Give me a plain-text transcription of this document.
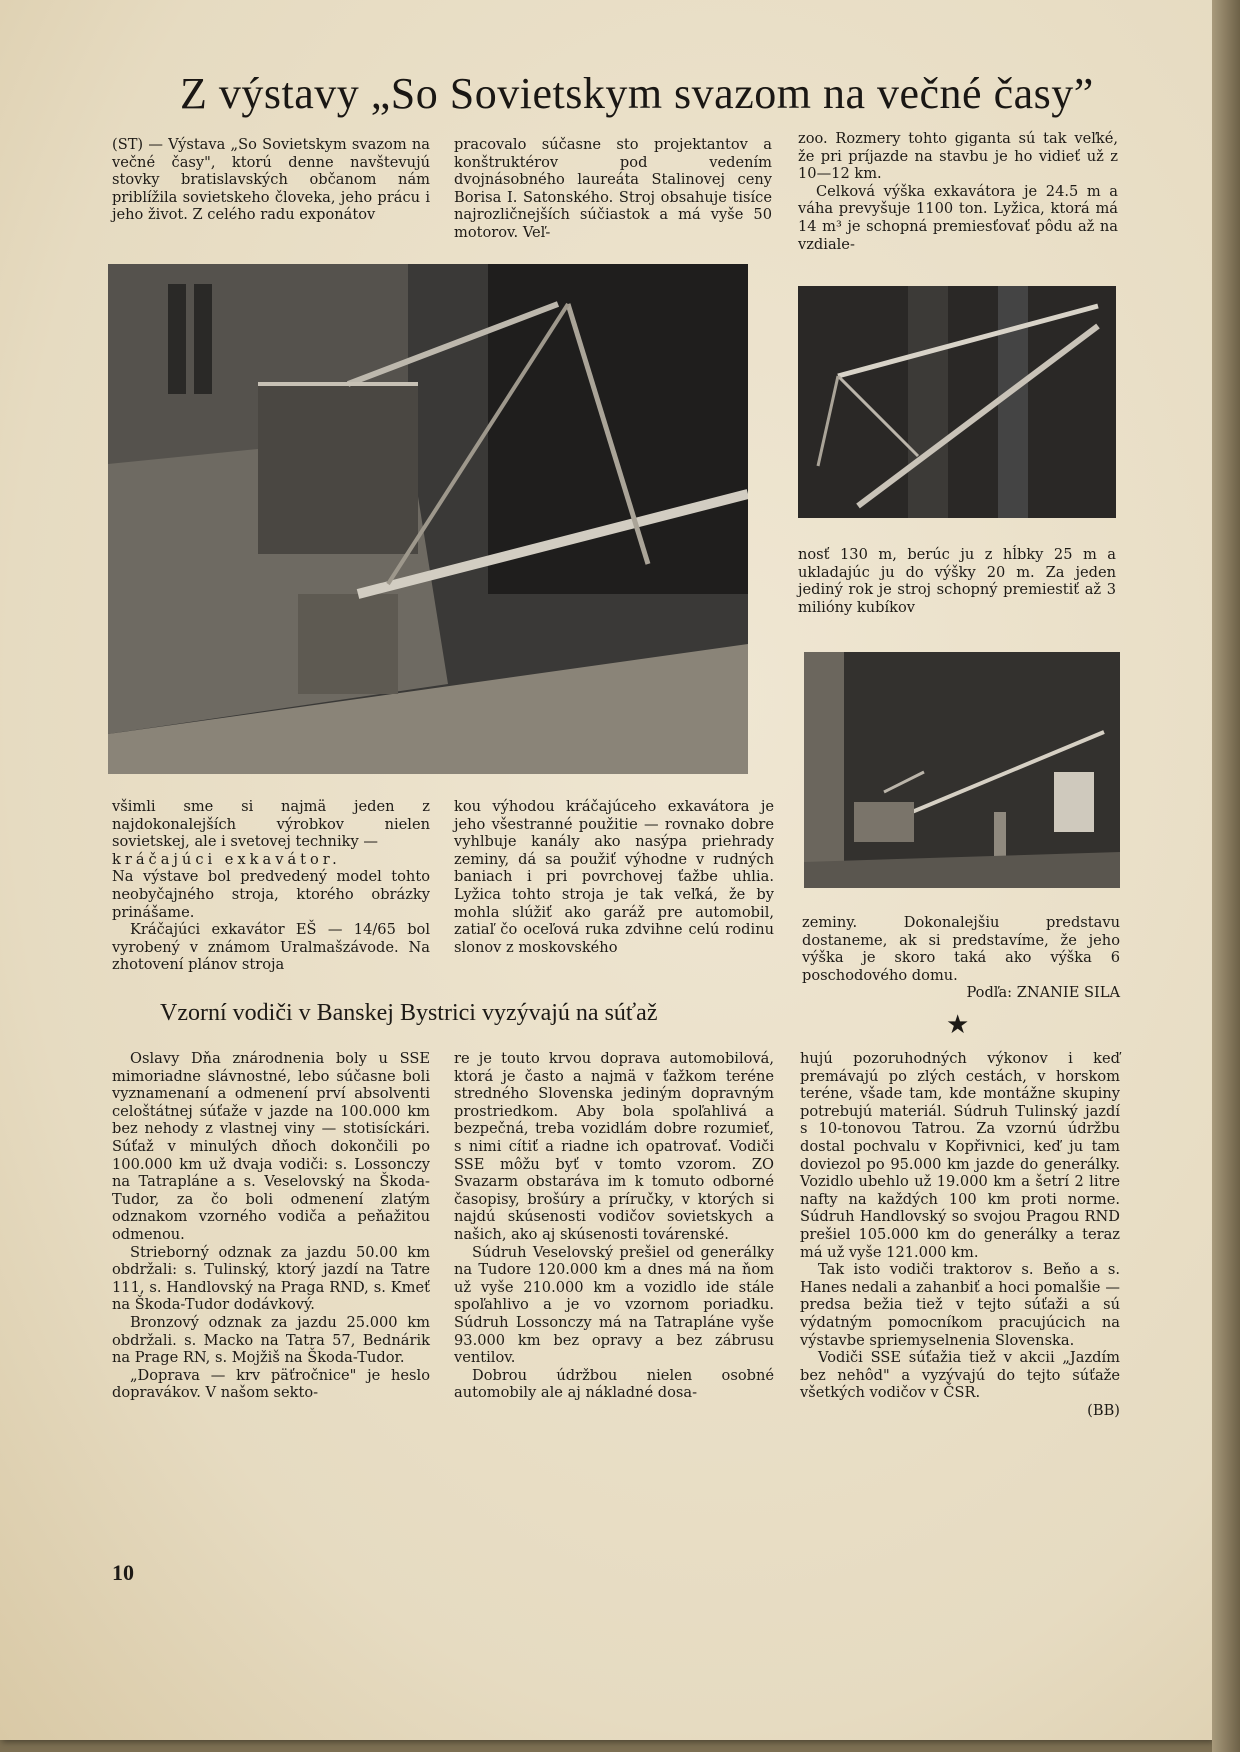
Z výstavy „So Sovietskym svazom na večné časy”

(ST) — Výstava „So Sovietskym svazom na večné časy", ktorú denne navštevujú stovky bratislavských občanom nám priblížila sovietskeho človeka, jeho prácu i jeho život. Z celého radu exponátov

pracovalo súčasne sto projektantov a konštruktérov pod vedením dvojnásobného laureáta Stalinovej ceny Borisa I. Satonského. Stroj obsahuje tisíce najrozličnejších súčiastok a má vyše 50 motorov. Veľ-

zoo. Rozmery tohto giganta sú tak veľké, že pri príjazde na stavbu je ho vidieť už z 10—12 km.

Celková výška exkavátora je 24.5 m a váha prevyšuje 1100 ton. Lyžica, ktorá má 14 m³ je schopná premiesťovať pôdu až na vzdiale-

nosť 130 m, berúc ju z hĺbky 25 m a ukladajúc ju do výšky 20 m. Za jeden jediný rok je stroj schopný premiestiť až 3 milióny kubíkov

všimli sme si najmä jeden z najdokonalejších výrobkov nielen sovietskej, ale i svetovej techniky —

kráčajúci exkavátor.

Na výstave bol predvedený model tohto neobyčajného stroja, ktorého obrázky prinášame.

Kráčajúci exkavátor EŠ — 14/65 bol vyrobený v známom Uralmašzávode. Na zhotovení plánov stroja

kou výhodou kráčajúceho exkavátora je jeho všestranné použitie — rovnako dobre vyhlbuje kanály ako nasýpa priehrady zeminy, dá sa použiť výhodne v rudných baniach i pri povrchovej ťažbe uhlia. Lyžica tohto stroja je tak veľká, že by mohla slúžiť ako garáž pre automobil, zatiaľ čo oceľová ruka zdvihne celú rodinu slonov z moskovského

zeminy. Dokonalejšiu predstavu dostaneme, ak si predstavíme, že jeho výška je skoro taká ako výška 6 poschodového domu.

Podľa: ZNANIE SILA

Vzorní vodiči v Banskej Bystrici vyzývajú na súťaž	★

Oslavy Dňa znárodnenia boly u SSE mimoriadne slávnostné, lebo súčasne boli vyznamenaní a odmenení prví absolventi celoštátnej súťaže v jazde na 100.000 km bez nehody z vlastnej viny — stotisíckári. Súťaž v minulých dňoch dokončili po 100.000 km už dvaja vodiči: s. Lossonczy na Tatrapláne a s. Veselovský na Škoda-Tudor, za čo boli odmenení zlatým odznakom vzorného vodiča a peňažitou odmenou.

Strieborný odznak za jazdu 50.00 km obdržali: s. Tulinský, ktorý jazdí na Tatre 111, s. Handlovský na Praga RND, s. Kmeť na Škoda-Tudor dodávkový.

Bronzový odznak za jazdu 25.000 km obdržali. s. Macko na Tatra 57, Bednárik na Prage RN, s. Mojžiš na Škoda-Tudor.

„Doprava — krv päťročnice" je heslo dopravákov. V našom sekto-

re je touto krvou doprava automobilová, ktorá je často a najmä v ťažkom teréne stredného Slovenska jediným dopravným prostriedkom. Aby bola spoľahlivá a bezpečná, treba vozidlám dobre rozumieť, s nimi cítiť a riadne ich opatrovať. Vodiči SSE môžu byť v tomto vzorom. ZO Svazarm obstaráva im k tomuto odborné časopisy, brošúry a príručky, v ktorých si najdú skúsenosti vodičov sovietskych a našich, ako aj skúsenosti továrenské.

Súdruh Veselovský prešiel od generálky na Tudore 120.000 km a dnes má na ňom už vyše 210.000 km a vozidlo ide stále spoľahlivo a je vo vzornom poriadku. Súdruh Lossonczy má na Tatrapláne vyše 93.000 km bez opravy a bez zábrusu ventilov.

Dobrou údržbou nielen osobné automobily ale aj nákladné dosa-

hujú pozoruhodných výkonov i keď premávajú po zlých cestách, v horskom teréne, všade tam, kde montážne skupiny potrebujú materiál. Súdruh Tulinský jazdí s 10-tonovou Tatrou. Za vzornú údržbu dostal pochvalu v Kopřivnici, keď ju tam doviezol po 95.000 km jazde do generálky. Vozidlo ubehlo už 19.000 km a šetrí 2 litre nafty na každých 100 km proti norme. Súdruh Handlovský so svojou Pragou RND prešiel 105.000 km do generálky a teraz má už vyše 121.000 km.

Tak isto vodiči traktorov s. Beňo a s. Hanes nedali a zahanbiť a hoci pomalšie — predsa bežia tiež v tejto súťaži a sú výdatným pomocníkom pracujúcich na výstavbe spriemyselnenia Slovenska.

Vodiči SSE súťažia tiež v akcii „Jazdím bez nehôd" a vyzývajú do tejto súťaže všetkých vodičov v ČSR.

(BB)

10
